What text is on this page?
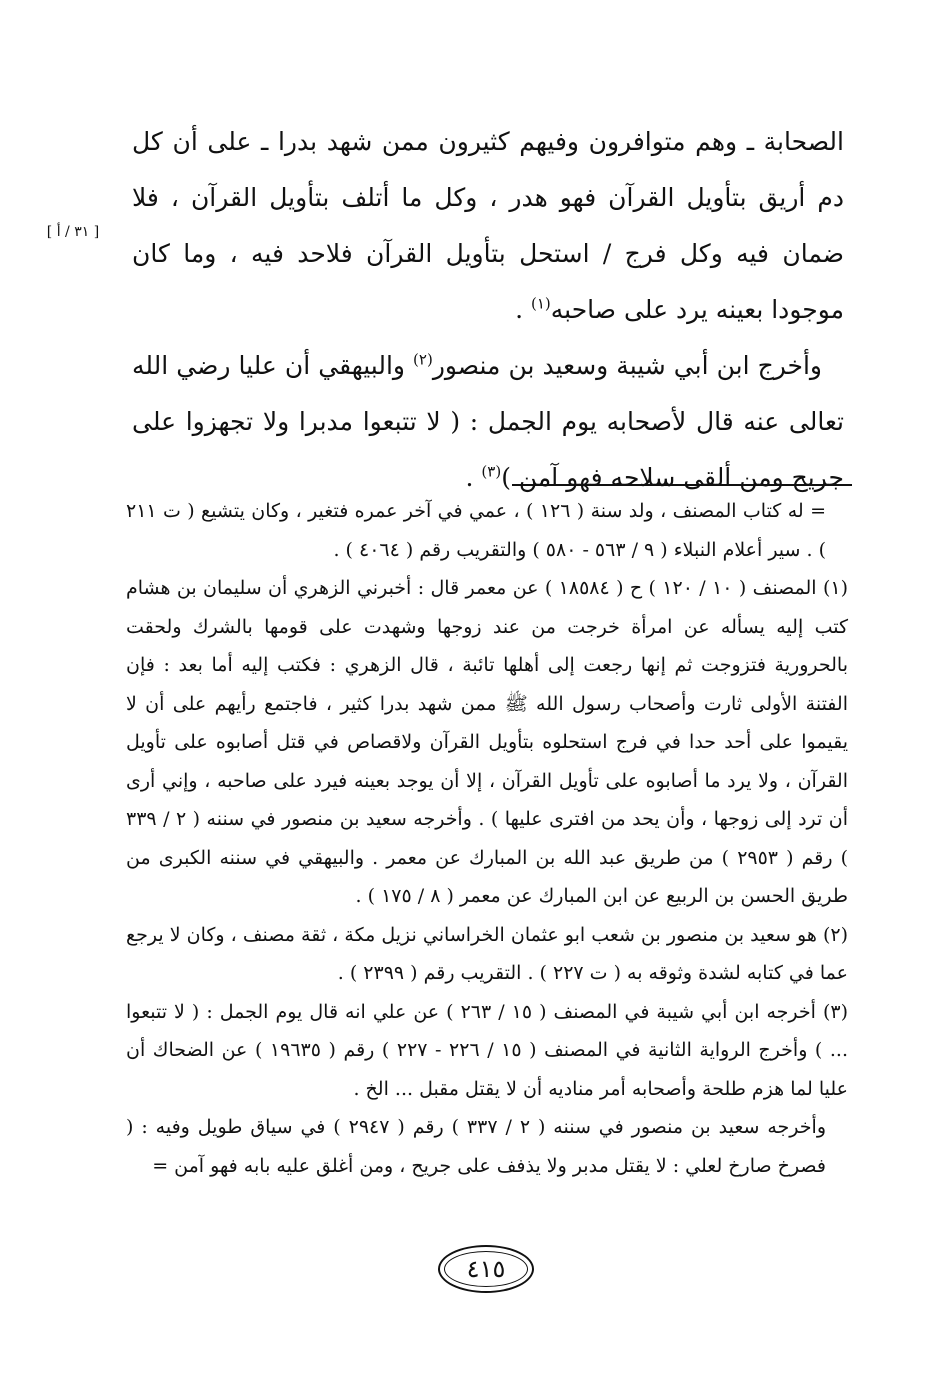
[ ٣١ / أ ]

الصحابة ـ وهم متوافرون وفيهم كثيرون ممن شهد بدرا ـ على أن كل دم أريق بتأويل القرآن فهو هدر ، وكل ما أتلف بتأويل القرآن ، فلا ضمان فيه وكل فرج / استحل بتأويل القرآن فلاحد فيه ، وما كان موجودا بعينه يرد على صاحبه$^{(١)}$ .

وأخرج ابن أبي شيبة وسعيد بن منصور$^{(٢)}$ والبيهقي أن عليا رضي الله تعالى عنه قال لأصحابه يوم الجمل : ( لا تتبعوا مدبرا ولا تجهزوا على جريح ومن ألقى سلاحه فهو آمن )$^{(٣)}$ .

= له كتاب المصنف ، ولد سنة ( ١٢٦ ) ، عمي في آخر عمره فتغير ، وكان يتشيع ( ت ٢١١ ) . سير أعلام النبلاء ( ٩ / ٥٦٣ - ٥٨٠ ) والتقريب رقم ( ٤٠٦٤ ) .

(١) المصنف ( ١٠ / ١٢٠ ) ح ( ١٨٥٨٤ ) عن معمر قال : أخبرني الزهري أن سليمان بن هشام كتب إليه يسأله عن امرأة خرجت من عند زوجها وشهدت على قومها بالشرك ولحقت بالحرورية فتزوجت ثم إنها رجعت إلى أهلها تائبة ، قال الزهري : فكتب إليه أما بعد : فإن الفتنة الأولى ثارت وأصحاب رسول الله ﷺ ممن شهد بدرا كثير ، فاجتمع رأيهم على أن لا يقيموا على أحد حدا في فرج استحلوه بتأويل القرآن ولاقصاص في قتل أصابوه على تأويل القرآن ، ولا يرد ما أصابوه على تأويل القرآن ، إلا أن يوجد بعينه فيرد على صاحبه ، وإني أرى أن ترد إلى زوجها ، وأن يحد من افترى عليها ) . وأخرجه سعيد بن منصور في سننه ( ٢ / ٣٣٩ ) رقم ( ٢٩٥٣ ) من طريق عبد الله بن المبارك عن معمر . والبيهقي في سننه الكبرى من طريق الحسن بن الربيع عن ابن المبارك عن معمر ( ٨ / ١٧٥ ) .

(٢) هو سعيد بن منصور بن شعب ابو عثمان الخراساني نزيل مكة ، ثقة مصنف ، وكان لا يرجع عما في كتابه لشدة وثوقه به ( ت ٢٢٧ ) . التقريب رقم ( ٢٣٩٩ ) .

(٣) أخرجه ابن أبي شيبة في المصنف ( ١٥ / ٢٦٣ ) عن علي انه قال يوم الجمل : ( لا تتبعوا ... ) وأخرج الرواية الثانية في المصنف ( ١٥ / ٢٢٦ - ٢٢٧ ) رقم ( ١٩٦٣٥ ) عن الضحاك أن عليا لما هزم طلحة وأصحابه أمر مناديه أن لا يقتل مقبل ... الخ .

وأخرجه سعيد بن منصور في سننه ( ٢ / ٣٣٧ ) رقم ( ٢٩٤٧ ) في سياق طويل وفيه : ( فصرخ صارخ لعلي : لا يقتل مدبر ولا يذفف على جريح ، ومن أغلق عليه بابه فهو آمن =

٤١٥
